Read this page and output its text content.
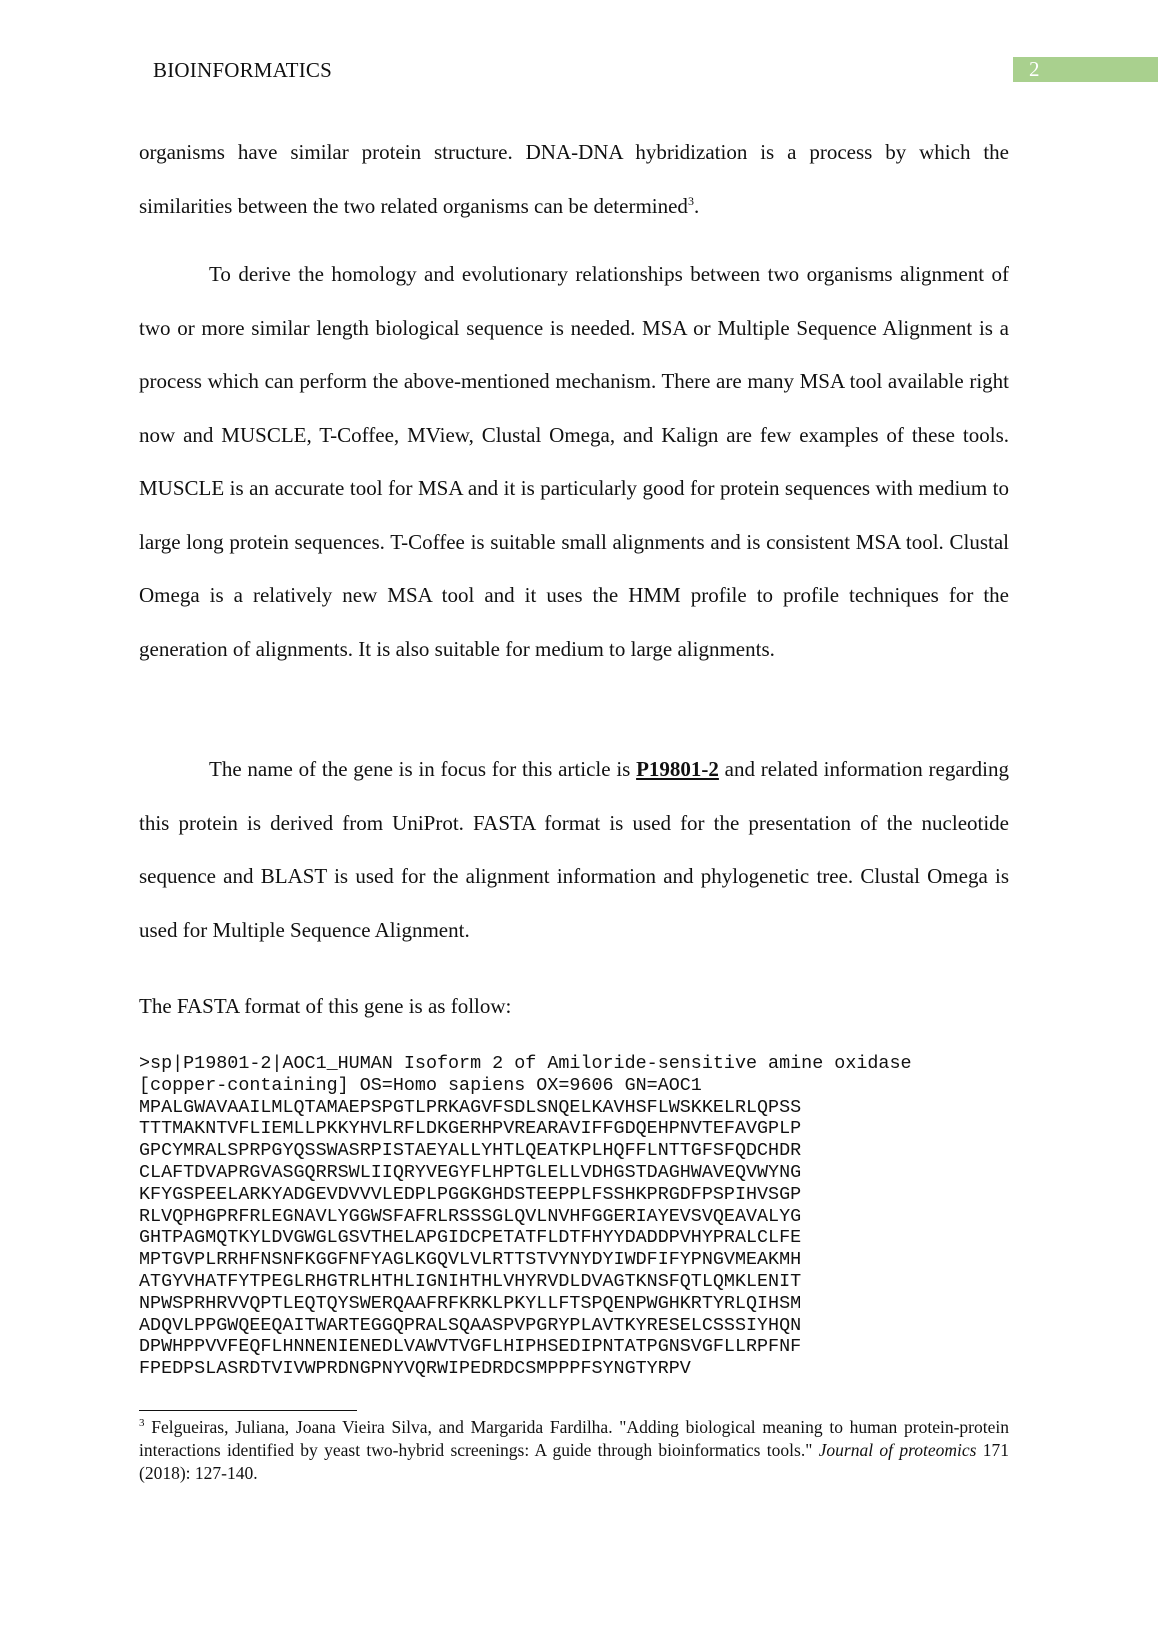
BIOINFORMATICS	2

organisms have similar protein structure. DNA-DNA hybridization is a process by which the similarities between the two related organisms can be determined$^3$.

To derive the homology and evolutionary relationships between two organisms alignment of two or more similar length biological sequence is needed. MSA or Multiple Sequence Alignment is a process which can perform the above-mentioned mechanism. There are many MSA tool available right now and MUSCLE, T-Coffee, MView, Clustal Omega, and Kalign are few examples of these tools. MUSCLE is an accurate tool for MSA and it is particularly good for protein sequences with medium to large long protein sequences. T-Coffee is suitable small alignments and is consistent MSA tool. Clustal Omega is a relatively new MSA tool and it uses the HMM profile to profile techniques for the generation of alignments. It is also suitable for medium to large alignments.

The name of the gene is in focus for this article is P19801-2 and related information regarding this protein is derived from UniProt. FASTA format is used for the presentation of the nucleotide sequence and BLAST is used for the alignment information and phylogenetic tree. Clustal Omega is used for Multiple Sequence Alignment.

The FASTA format of this gene is as follow:

>sp|P19801-2|AOC1_HUMAN Isoform 2 of Amiloride-sensitive amine oxidase
[copper-containing] OS=Homo sapiens OX=9606 GN=AOC1
MPALGWAVAAILMLQTAMAEPSPGTLPRKAGVFSDLSNQELKAVHSFLWSKKELRLQPSS
TTTMAKNTVFLIEMLLPKKYHVLRFLDKGERHPVREARAVIFFGDQEHPNVTEFAVGPLP
GPCYMRALSPRPGYQSSWASRPISTAEYALLYHTLQEATKPLHQFFLNTTGFSFQDCHDR
CLAFTDVAPRGVASGQRRSWLIIQRYVEGYFLHPTGLELLVDHGSTDAGHWAVEQVWYNG
KFYGSPEELARKYADGEVDVVVLEDPLPGGKGHDSTEEPPLFSSHKPRGDFPSPIHVSGP
RLVQPHGPRFRLEGNAVLYGGWSFAFRLRSSSGLQVLNVHFGGERIAYEVSVQEAVALYG
GHTPAGMQTKYLDVGWGLGSVTHELAPGIDCPETATFLDTFHYYDADDPVHYPRALCLFE
MPTGVPLRRHFNSNFKGGFNFYAGLKGQVLVLRTTSTVYNYDYIWDFIFYPNGVMEAKMH
ATGYVHATFYTPEGLRHGTRLHTHLIGNIHTHLVHYRVDLDVAGTKNSFQTLQMKLENIT
NPWSPRHRVVQPTLEQTQYSWERQAAFRFKRKLPKYLLFTSPQENPWGHKRTYRLQIHSM
ADQVLPPGWQEEQAITWARTEGGQPRALSQAASPVPGRYPLAVTKYRESELCSSSIYHQN
DPWHPPVVFEQFLHNNENIENEDLVAWVTVGFLHIPHSEDIPNTATPGNSVGFLLRPFNF
FPEDPSLASRDTVIVWPRDNGPNYVQRWIPEDRDCSMPPPFSYNGTYRPV

$^3$ Felgueiras, Juliana, Joana Vieira Silva, and Margarida Fardilha. "Adding biological meaning to human protein-protein interactions identified by yeast two-hybrid screenings: A guide through bioinformatics tools." Journal of proteomics 171 (2018): 127-140.
